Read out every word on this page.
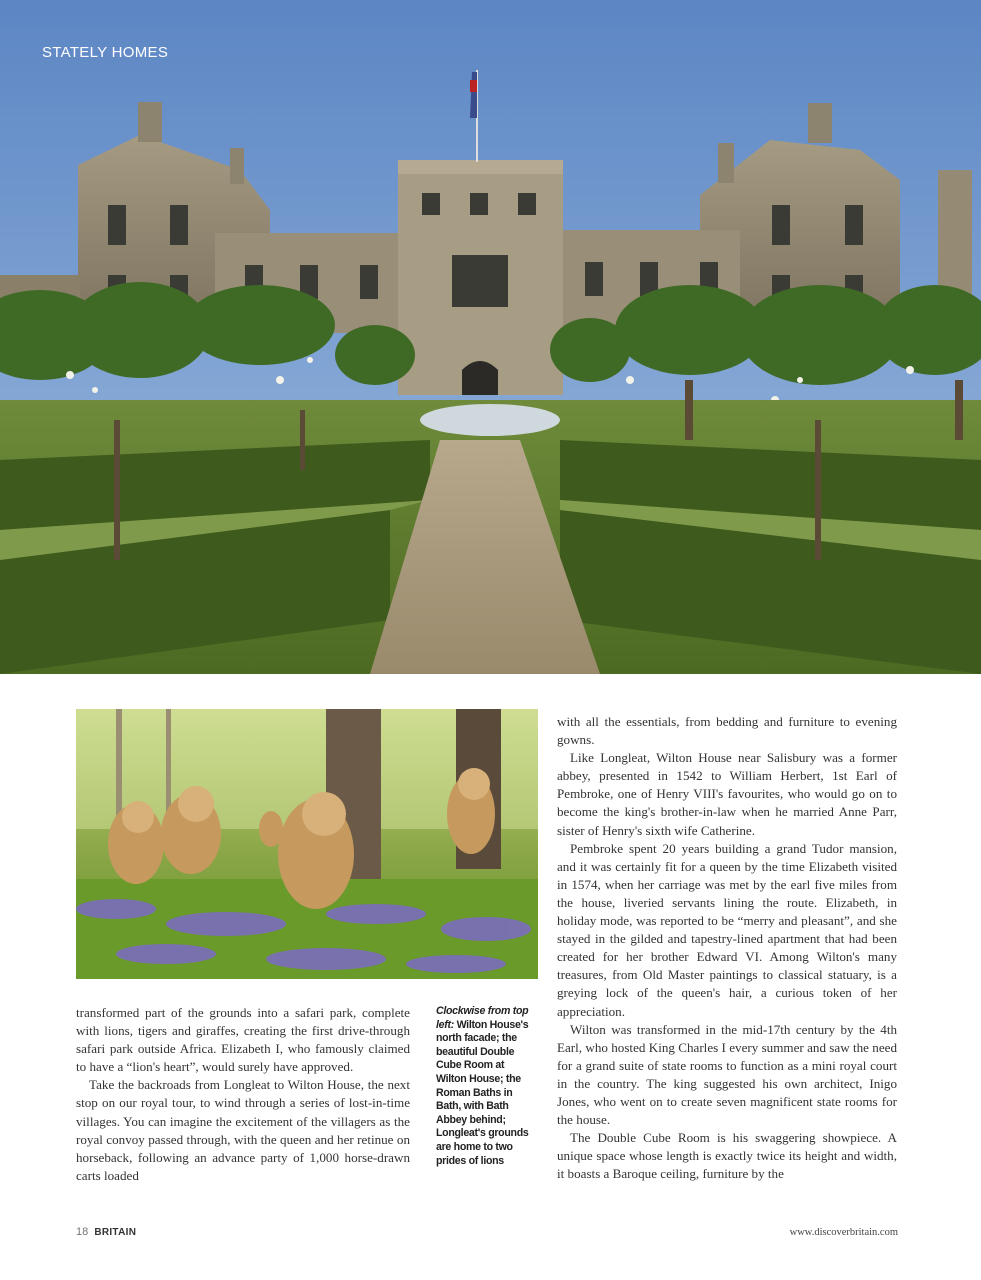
STATELY HOMES

transformed part of the grounds into a safari park, complete with lions, tigers and giraffes, creating the first drive-through safari park outside Africa. Elizabeth I, who famously claimed to have a “lion's heart”, would surely have approved.

Take the backroads from Longleat to Wilton House, the next stop on our royal tour, to wind through a series of lost-in-time villages. You can imagine the excitement of the villagers as the royal convoy passed through, with the queen and her retinue on horseback, following an advance party of 1,000 horse-drawn carts loaded

Clockwise from top left: Wilton House's north facade; the beautiful Double Cube Room at Wilton House; the Roman Baths in Bath, with Bath Abbey behind; Longleat's grounds are home to two prides of lions

with all the essentials, from bedding and furniture to evening gowns.

Like Longleat, Wilton House near Salisbury was a former abbey, presented in 1542 to William Herbert, 1st Earl of Pembroke, one of Henry VIII's favourites, who would go on to become the king's brother-in-law when he married Anne Parr, sister of Henry's sixth wife Catherine.

Pembroke spent 20 years building a grand Tudor mansion, and it was certainly fit for a queen by the time Elizabeth visited in 1574, when her carriage was met by the earl five miles from the house, liveried servants lining the route. Elizabeth, in holiday mode, was reported to be “merry and pleasant”, and she stayed in the gilded and tapestry-lined apartment that had been created for her brother Edward VI. Among Wilton's many treasures, from Old Master paintings to classical statuary, is a greying lock of the queen's hair, a curious token of her appreciation.

Wilton was transformed in the mid-17th century by the 4th Earl, who hosted King Charles I every summer and saw the need for a grand suite of state rooms to function as a mini royal court in the country. The king suggested his own architect, Inigo Jones, who went on to create seven magnificent state rooms for the house.

The Double Cube Room is his swaggering showpiece. A unique space whose length is exactly twice its height and width, it boasts a Baroque ceiling, furniture by the

18 BRITAIN	www.discoverbritain.com
